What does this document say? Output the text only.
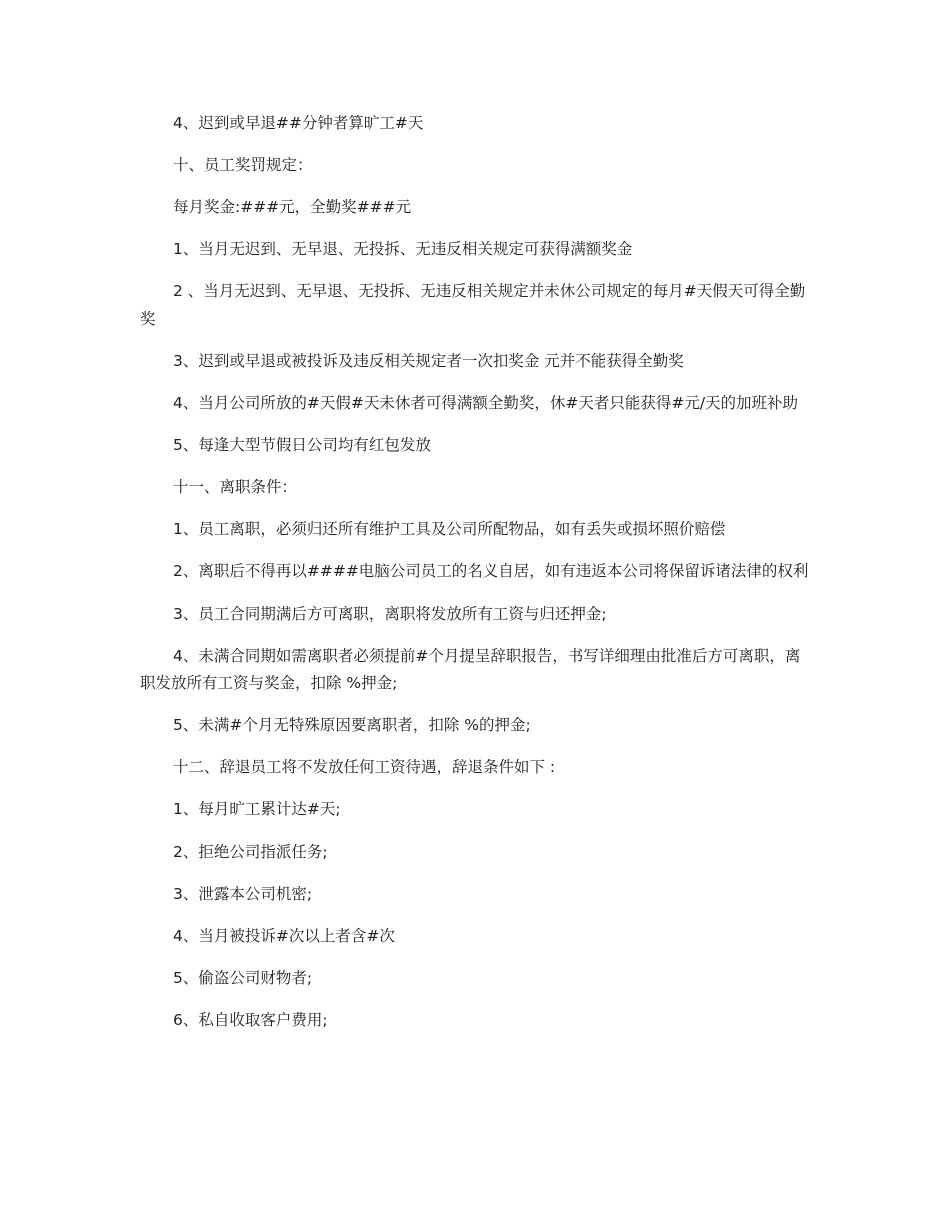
4、迟到或早退##分钟者算旷工#天

十、员工奖罚规定：

每月奖金:###元，全勤奖###元

1、当月无迟到、无早退、无投拆、无违反相关规定可获得满额奖金

2 、当月无迟到、无早退、无投拆、无违反相关规定并未休公司规定的每月#天假天可得全勤奖

3、迟到或早退或被投诉及违反相关规定者一次扣奖金 元并不能获得全勤奖

4、当月公司所放的#天假#天未休者可得满额全勤奖，休#天者只能获得#元/天的加班补助

5、每逢大型节假日公司均有红包发放

十一、离职条件：

1、员工离职，必须归还所有维护工具及公司所配物品，如有丢失或损坏照价赔偿

2、离职后不得再以####电脑公司员工的名义自居，如有违返本公司将保留诉诸法律的权利

3、员工合同期满后方可离职，离职将发放所有工资与归还押金;

4、未满合同期如需离职者必须提前#个月提呈辞职报告，书写详细理由批准后方可离职，离职发放所有工资与奖金，扣除 %押金;

5、未满#个月无特殊原因要离职者，扣除 %的押金;

十二、辞退员工将不发放任何工资待遇，辞退条件如下 :

1、每月旷工累计达#天;

2、拒绝公司指派任务;

3、泄露本公司机密;

4、当月被投诉#次以上者含#次

5、偷盗公司财物者;

6、私自收取客户费用;
